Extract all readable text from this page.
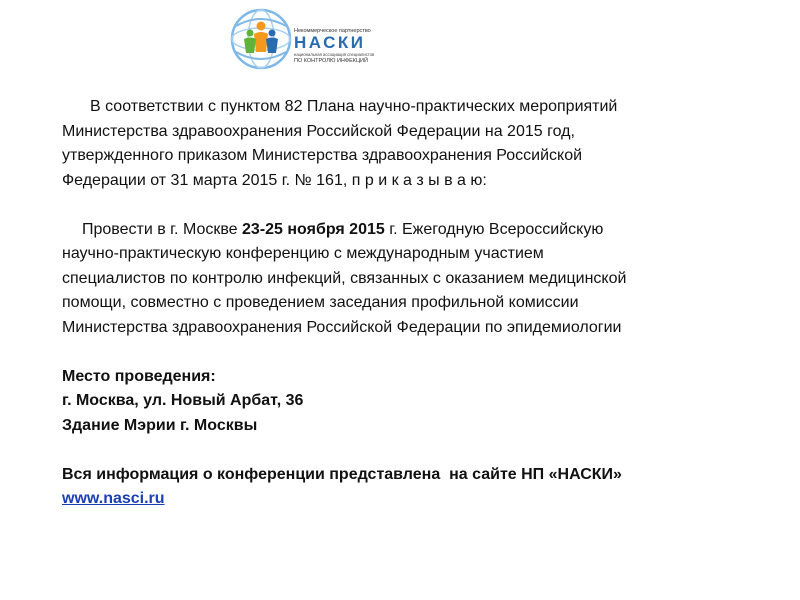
Некоммерческое партнерство
НАСКИ
национальная ассоциация специалистов
ПО КОНТРОЛЮ ИНФЕКЦИЙ
В соответствии с пунктом 82 Плана научно-практических мероприятий
Министерства здравоохранения Российской Федерации на 2015 год,
утвержденного приказом Министерства здравоохранения Российской
Федерации от 31 марта 2015 г. № 161, п р и к а з ы в а ю:
Провести в г. Москве 23-25 ноября 2015 г. Ежегодную Всероссийскую
научно-практическую конференцию с международным участием
специалистов по контролю инфекций, связанных с оказанием медицинской
помощи, совместно с проведением заседания профильной комиссии
Министерства здравоохранения Российской Федерации по эпидемиологии
Место проведения:
г. Москва, ул. Новый Арбат, 36
Здание Мэрии г. Москвы
Вся информация о конференции представлена  на сайте НП «НАСКИ»
www.nasci.ru
